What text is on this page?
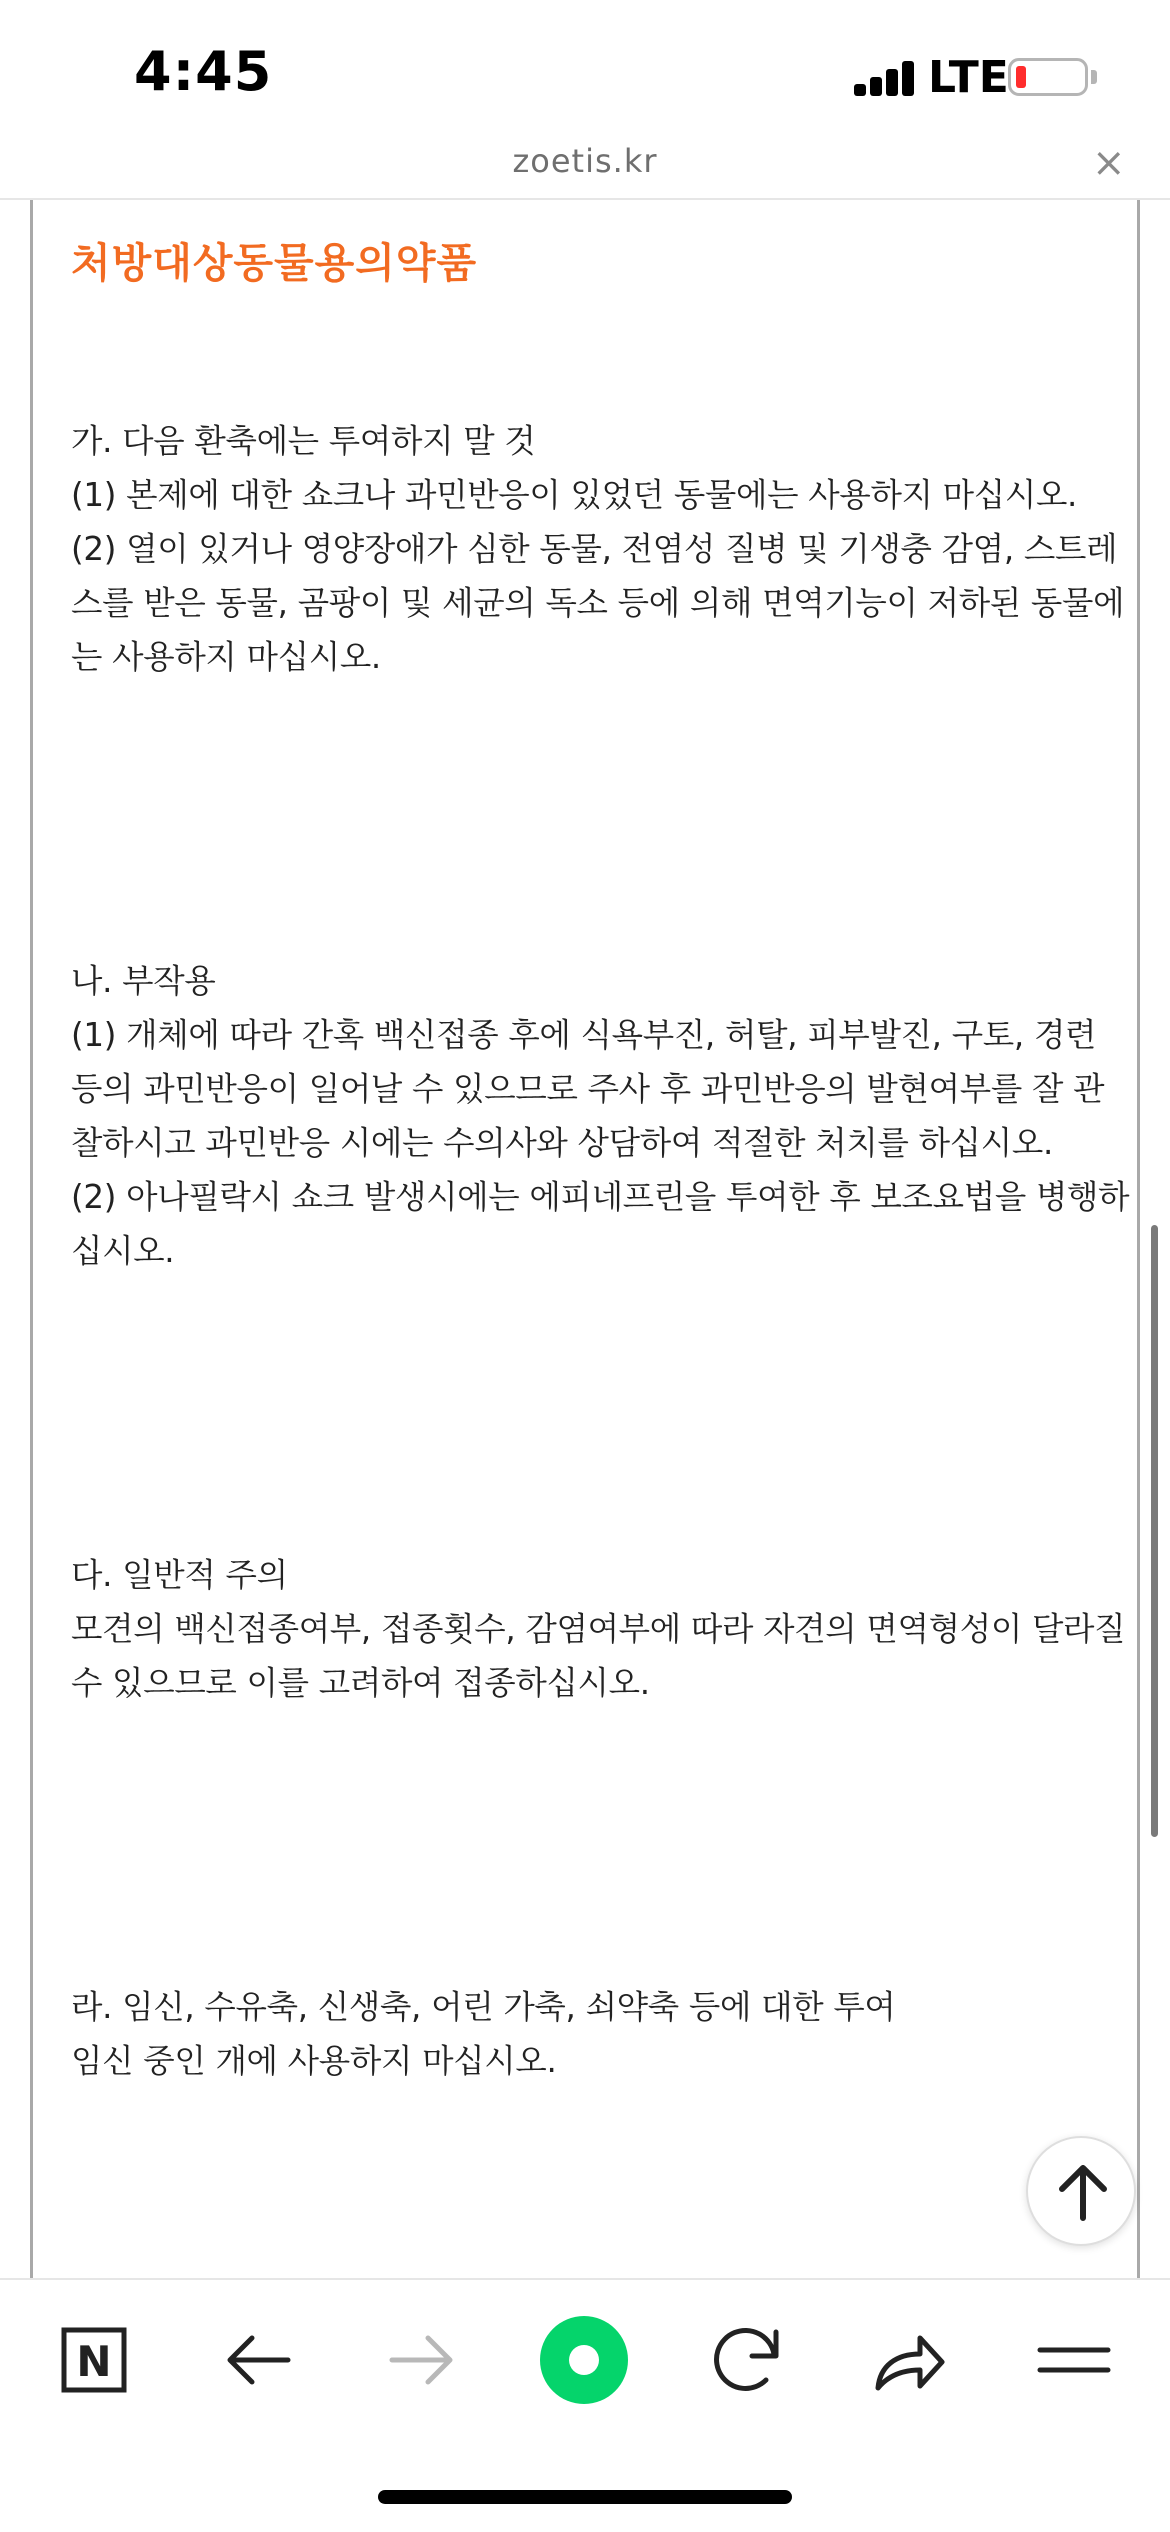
4:45	LTE
zoetis.kr	×
처방대상동물용의약품

가. 다음 환축에는 투여하지 말 것
(1) 본제에 대한 쇼크나 과민반응이 있었던 동물에는 사용하지 마십시오.
(2) 열이 있거나 영양장애가 심한 동물, 전염성 질병 및 기생충 감염, 스트레스를 받은 동물, 곰팡이 및 세균의 독소 등에 의해 면역기능이 저하된 동물에는 사용하지 마십시오.

나. 부작용
(1) 개체에 따라 간혹 백신접종 후에 식욕부진, 허탈, 피부발진, 구토, 경련 등의 과민반응이 일어날 수 있으므로 주사 후 과민반응의 발현여부를 잘 관찰하시고 과민반응 시에는 수의사와 상담하여 적절한 처치를 하십시오.
(2) 아나필락시 쇼크 발생시에는 에피네프린을 투여한 후 보조요법을 병행하십시오.

다. 일반적 주의
모견의 백신접종여부, 접종횟수, 감염여부에 따라 자견의 면역형성이 달라질 수 있으므로 이를 고려하여 접종하십시오.

라. 임신, 수유축, 신생축, 어린 가축, 쇠약축 등에 대한 투여
임신 중인 개에 사용하지 마십시오.

N
